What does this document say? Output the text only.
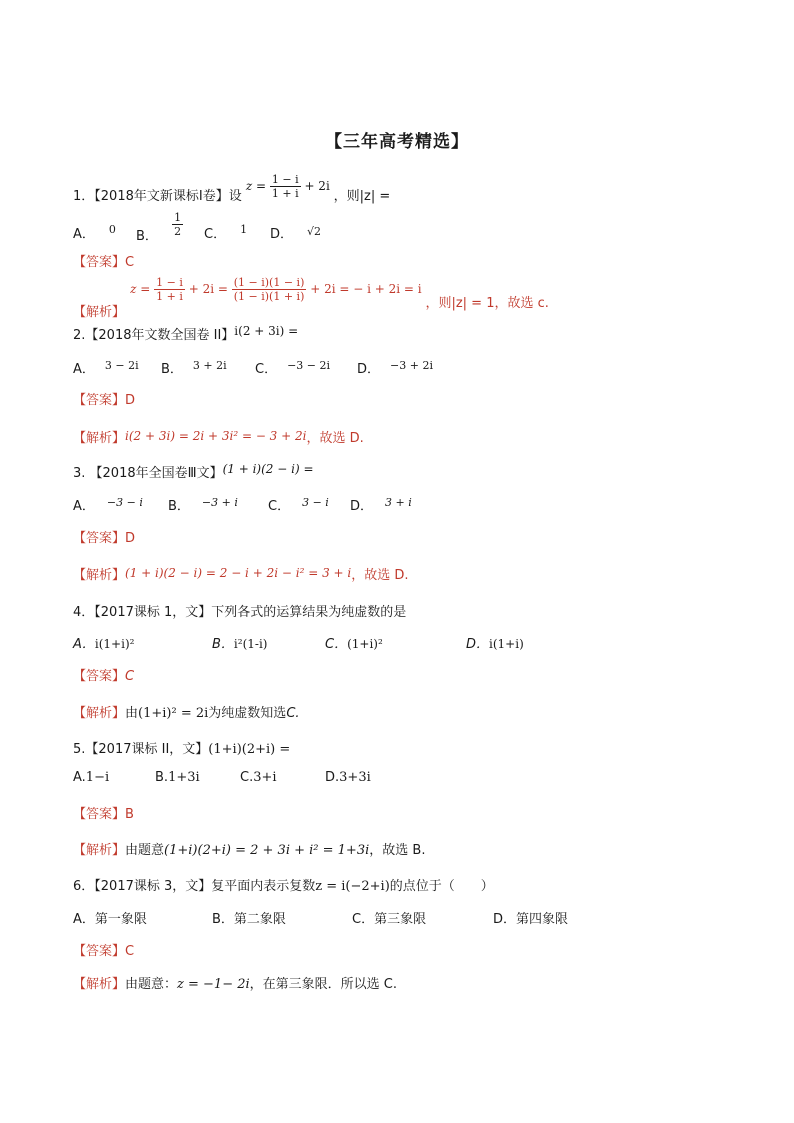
【三年高考精选】
1．【2018年文新课标I卷】设 $z = \frac{1 - i}{1 + i} + 2i$ ，则|z| =
A． $^0$ B． $\frac{1}{2}$ C． $^1$ D． $^{√2}$
【答案】C
$_{【解析】}$ $z = \frac{1 - i}{1 + i} + 2i = \frac{(1 - i)(1 - i)}{(1 - i)(1 + i)} + 2i$ = − i + 2i = i $_{,则|z| = 1,故选 c.}$
2.【2018年文数全国卷 II】i(2 + 3i) =
A． $^{3 - 2i}$ B． $^{3 + 2i}$ C． $^{-3 - 2i}$ D． $^{-3 + 2i}$
【答案】D
【解析】i(2 + 3i) = 2i + 3i² = − 3 + 2i，故选 D.
3. 【2018年全国卷Ⅲ文】(1 + i)(2 − i) =
A． $^{-3 - i}$ B． $^{-3 + i}$ C． $^{3 - i}$ D． $^{3 + i}$
【答案】D
【解析】(1 + i)(2 − i) = 2 − i + 2i − i² = 3 + i，故选 D.
4．【2017课标 1，文】下列各式的运算结果为纯虚数的是
A．i(1+i)²	B．i²(1-i)	C．(1+i)²	D．i(1+i)
【答案】C
【解析】由(1+i)² = 2i为纯虚数知选C.
5.【2017课标 II，文】(1+i)(2+i) =
A.1−i	B.1+3i	C.3+i	D.3+3i
【答案】B
【解析】由题意(1+i)(2+i) = 2 + 3i + i² = 1+3i，故选 B.
6．【2017课标 3，文】复平面内表示复数z = i(−2+i)的点位于（　　）
A．第一象限	B．第二象限	C．第三象限	D．第四象限
【答案】C
【解析】由题意：z = −1− 2i，在第三象限．所以选 C.
